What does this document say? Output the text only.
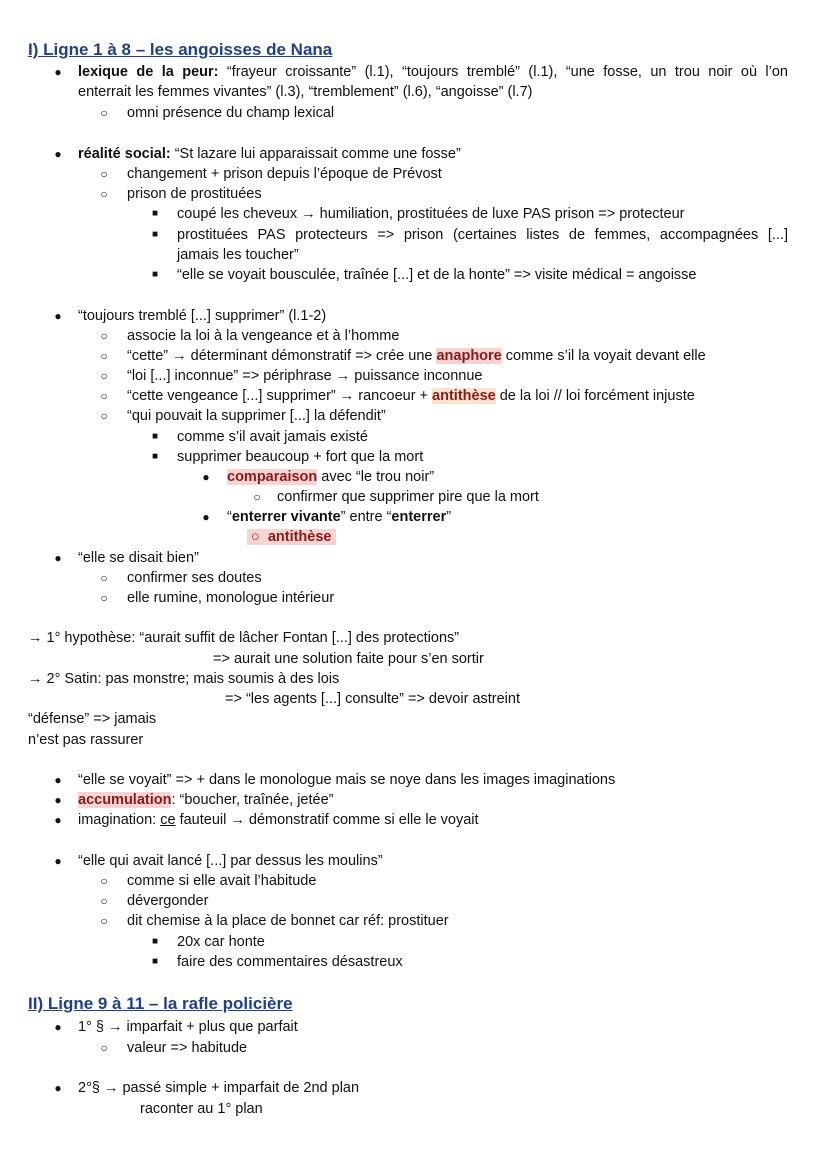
I) Ligne 1 à 8 – les angoisses de Nana
● lexique de la peur: “frayeur croissante” (l.1), “toujours tremblé” (l.1), “une fosse, un trou noir où l’on
enterrait les femmes vivantes” (l.3), “tremblement” (l.6), “angoisse” (l.7)
○ omni présence du champ lexical
● réalité social: “St lazare lui apparaissait comme une fosse”
○ changement + prison depuis l’époque de Prévost
○ prison de prostituées
■ coupé les cheveux → humiliation, prostituées de luxe PAS prison => protecteur
■ prostituées PAS protecteurs => prison (certaines listes de femmes, accompagnées [...]
jamais les toucher”
■ “elle se voyait bousculée, traînée [...] et de la honte” => visite médical = angoisse
● “toujours tremblé [...] supprimer” (l.1-2)
○ associe la loi à la vengeance et à l’homme
○ “cette” → déterminant démonstratif => crée une anaphore comme s’il la voyait devant elle
○ “loi [...] inconnue” => périphrase → puissance inconnue
○ “cette vengeance [...] supprimer” → rancoeur + antithèse de la loi // loi forcément injuste
○ “qui pouvait la supprimer [...] la défendit”
■ comme s’il avait jamais existé
■ supprimer beaucoup + fort que la mort
● comparaison avec “le trou noir”
○ confirmer que supprimer pire que la mort
● “enterrer vivante” entre “enterrer”
○  antithèse
● “elle se disait bien”
○ confirmer ses doutes
○ elle rumine, monologue intérieur
→ 1° hypothèse: “aurait suffit de lâcher Fontan [...] des protections”
=> aurait une solution faite pour s’en sortir
→ 2° Satin: pas monstre; mais soumis à des lois
=> “les agents [...] consulte” => devoir astreint
“défense” => jamais
n’est pas rassurer
● “elle se voyait” => + dans le monologue mais se noye dans les images imaginations
● accumulation: “boucher, traînée, jetée”
● imagination: ce fauteuil → démonstratif comme si elle le voyait
● “elle qui avait lancé [...] par dessus les moulins”
○ comme si elle avait l’habitude
○ dévergonder
○ dit chemise à la place de bonnet car réf: prostituer
■ 20x car honte
■ faire des commentaires désastreux
II) Ligne 9 à 11 – la rafle policière
● 1° § → imparfait + plus que parfait
○ valeur => habitude
● 2°§ → passé simple + imparfait de 2nd plan
raconter au 1° plan
